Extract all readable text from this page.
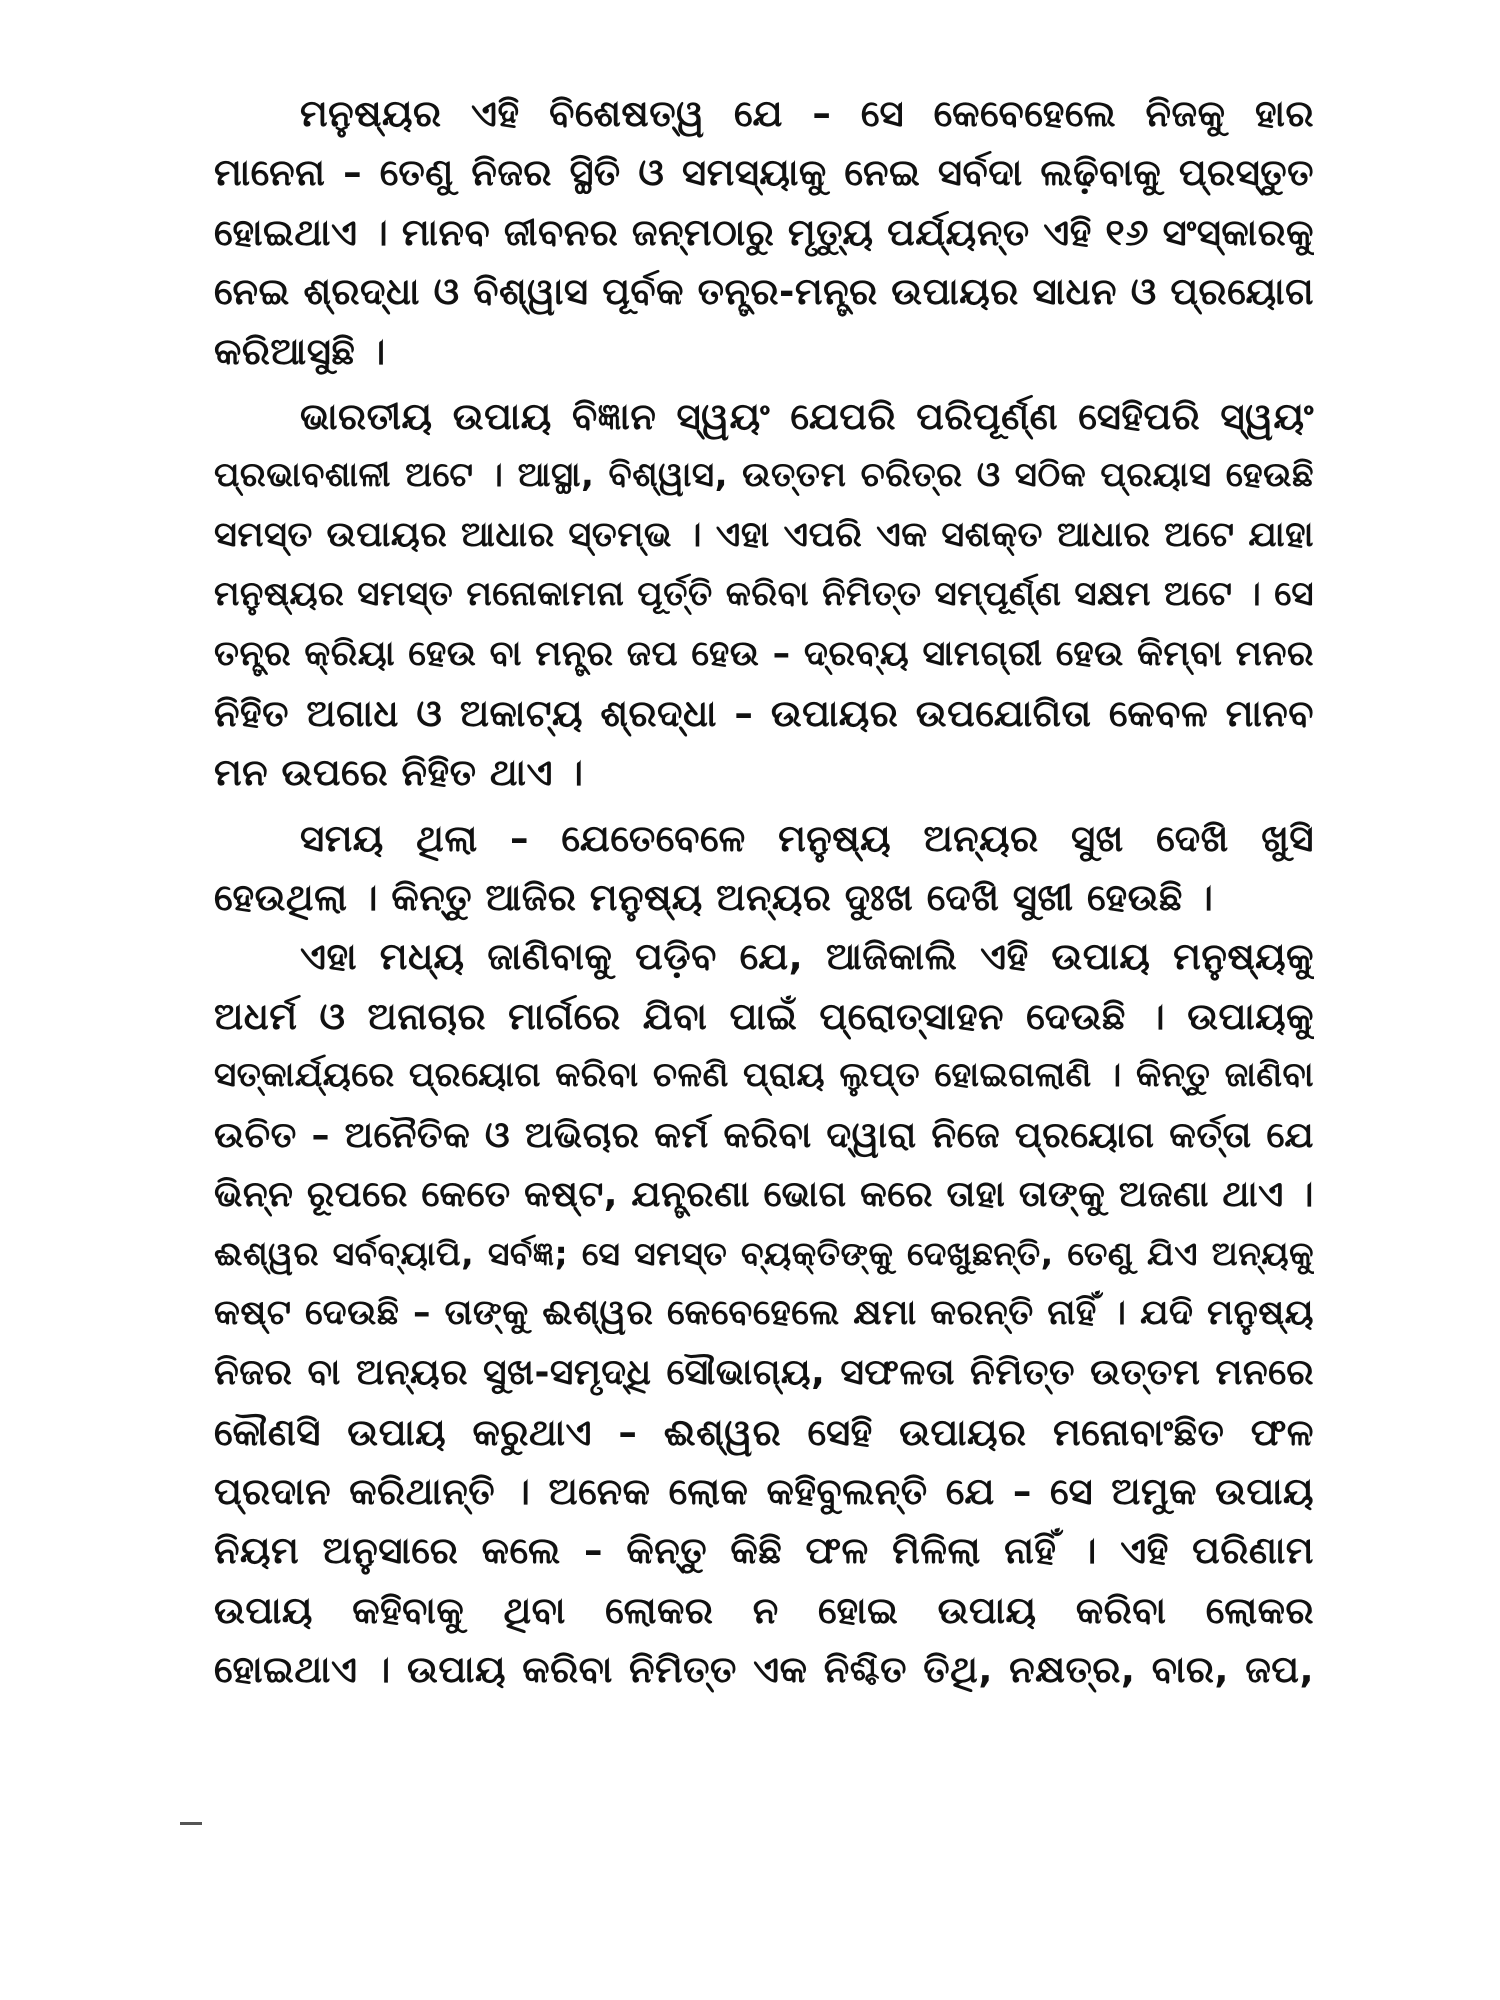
ମନୁଷ୍ୟର ଏହି ବିଶେଷତ୍ୱ ଯେ – ସେ କେବେହେଲେ ନିଜକୁ ହାର
ମାନେନା – ତେଣୁ ନିଜର ସ୍ଥିତି ଓ ସମସ୍ୟାକୁ ନେଇ ସର୍ବଦା ଲଢ଼ିବାକୁ ପ୍ରସ୍ତୁତ
ହୋଇଥାଏ । ମାନବ ଜୀବନର ଜନ୍ମଠାରୁ ମୃତ୍ୟୁ ପର୍ଯ୍ୟନ୍ତ ଏହି ୧୬ ସଂସ୍କାରକୁ
ନେଇ ଶ୍ରଦ୍ଧା ଓ ବିଶ୍ୱାସ ପୂର୍ବକ ତନ୍ତ୍ର-ମନ୍ତ୍ର ଉପାୟର ସାଧନ ଓ ପ୍ରୟୋଗ
କରିଆସୁଛି ।
ଭାରତୀୟ ଉପାୟ ବିଜ୍ଞାନ ସ୍ୱୟଂ ଯେପରି ପରିପୂର୍ଣ୍ଣ ସେହିପରି ସ୍ୱୟଂ
ପ୍ରଭାବଶାଳୀ ଅଟେ । ଆସ୍ଥା, ବିଶ୍ୱାସ, ଉତ୍ତମ ଚରିତ୍ର ଓ ସଠିକ ପ୍ରୟାସ ହେଉଛି
ସମସ୍ତ ଉପାୟର ଆଧାର ସ୍ତମ୍ଭ । ଏହା ଏପରି ଏକ ସଶକ୍ତ ଆଧାର ଅଟେ ଯାହା
ମନୁଷ୍ୟର ସମସ୍ତ ମନୋକାମନା ପୂର୍ତ୍ତି କରିବା ନିମିତ୍ତ ସମ୍ପୂର୍ଣ୍ଣ ସକ୍ଷମ ଅଟେ । ସେ
ତନ୍ତ୍ର କ୍ରିୟା ହେଉ ବା ମନ୍ତ୍ର ଜପ ହେଉ – ଦ୍ରବ୍ୟ ସାମଗ୍ରୀ ହେଉ କିମ୍ବା ମନର
ନିହିତ ଅଗାଧ ଓ ଅକାଟ୍ୟ ଶ୍ରଦ୍ଧା – ଉପାୟର ଉପଯୋଗିତା କେବଳ ମାନବ
ମନ ଉପରେ ନିହିତ ଥାଏ ।
ସମୟ ଥିଲା – ଯେତେବେଳେ ମନୁଷ୍ୟ ଅନ୍ୟର ସୁଖ ଦେଖି ଖୁସି
ହେଉଥିଲା । କିନ୍ତୁ ଆଜିର ମନୁଷ୍ୟ ଅନ୍ୟର ଦୁଃଖ ଦେଖି ସୁଖୀ ହେଉଛି ।
ଏହା ମଧ୍ୟ ଜାଣିବାକୁ ପଡ଼ିବ ଯେ, ଆଜିକାଲି ଏହି ଉପାୟ ମନୁଷ୍ୟକୁ
ଅଧର୍ମ ଓ ଅନାଚାର ମାର୍ଗରେ ଯିବା ପାଇଁ ପ୍ରୋତ୍ସାହନ ଦେଉଛି । ଉପାୟକୁ
ସତ୍‌କାର୍ଯ୍ୟରେ ପ୍ରୟୋଗ କରିବା ଚଳଣି ପ୍ରାୟ ଲୁପ୍ତ ହୋଇଗଲାଣି । କିନ୍ତୁ ଜାଣିବା
ଉଚିତ – ଅନୈତିକ ଓ ଅଭିଚାର କର୍ମ କରିବା ଦ୍ୱାରା ନିଜେ ପ୍ରୟୋଗ କର୍ତ୍ତା ଯେ
ଭିନ୍ନ ରୂପରେ କେତେ କଷ୍ଟ, ଯନ୍ତ୍ରଣା ଭୋଗ କରେ ତାହା ତାଙ୍କୁ ଅଜଣା ଥାଏ ।
ଈଶ୍ୱର ସର୍ବବ୍ୟାପି, ସର୍ବଜ୍ଞ; ସେ ସମସ୍ତ ବ୍ୟକ୍ତିଙ୍କୁ ଦେଖୁଛନ୍ତି, ତେଣୁ ଯିଏ ଅନ୍ୟକୁ
କଷ୍ଟ ଦେଉଛି – ତାଙ୍କୁ ଈଶ୍ୱର କେବେହେଲେ କ୍ଷମା କରନ୍ତି ନାହିଁ । ଯଦି ମନୁଷ୍ୟ
ନିଜର ବା ଅନ୍ୟର ସୁଖ-ସମୃଦ୍ଧି ସୌଭାଗ୍ୟ, ସଫଳତା ନିମିତ୍ତ ଉତ୍ତମ ମନରେ
କୌଣସି ଉପାୟ କରୁଥାଏ – ଈଶ୍ୱର ସେହି ଉପାୟର ମନୋବାଂଛିତ ଫଳ
ପ୍ରଦାନ କରିଥାନ୍ତି । ଅନେକ ଲୋକ କହିବୁଲନ୍ତି ଯେ – ସେ ଅମୁକ ଉପାୟ
ନିୟମ ଅନୁସାରେ କଲେ – କିନ୍ତୁ କିଛି ଫଳ ମିଳିଲା ନାହିଁ । ଏହି ପରିଣାମ
ଉପାୟ କହିବାକୁ ଥିବା ଲୋକର ନ ହୋଇ ଉପାୟ କରିବା ଲୋକର
ହୋଇଥାଏ । ଉପାୟ କରିବା ନିମିତ୍ତ ଏକ ନିଶ୍ଚିତ ତିଥି, ନକ୍ଷତ୍ର, ବାର, ଜପ,
